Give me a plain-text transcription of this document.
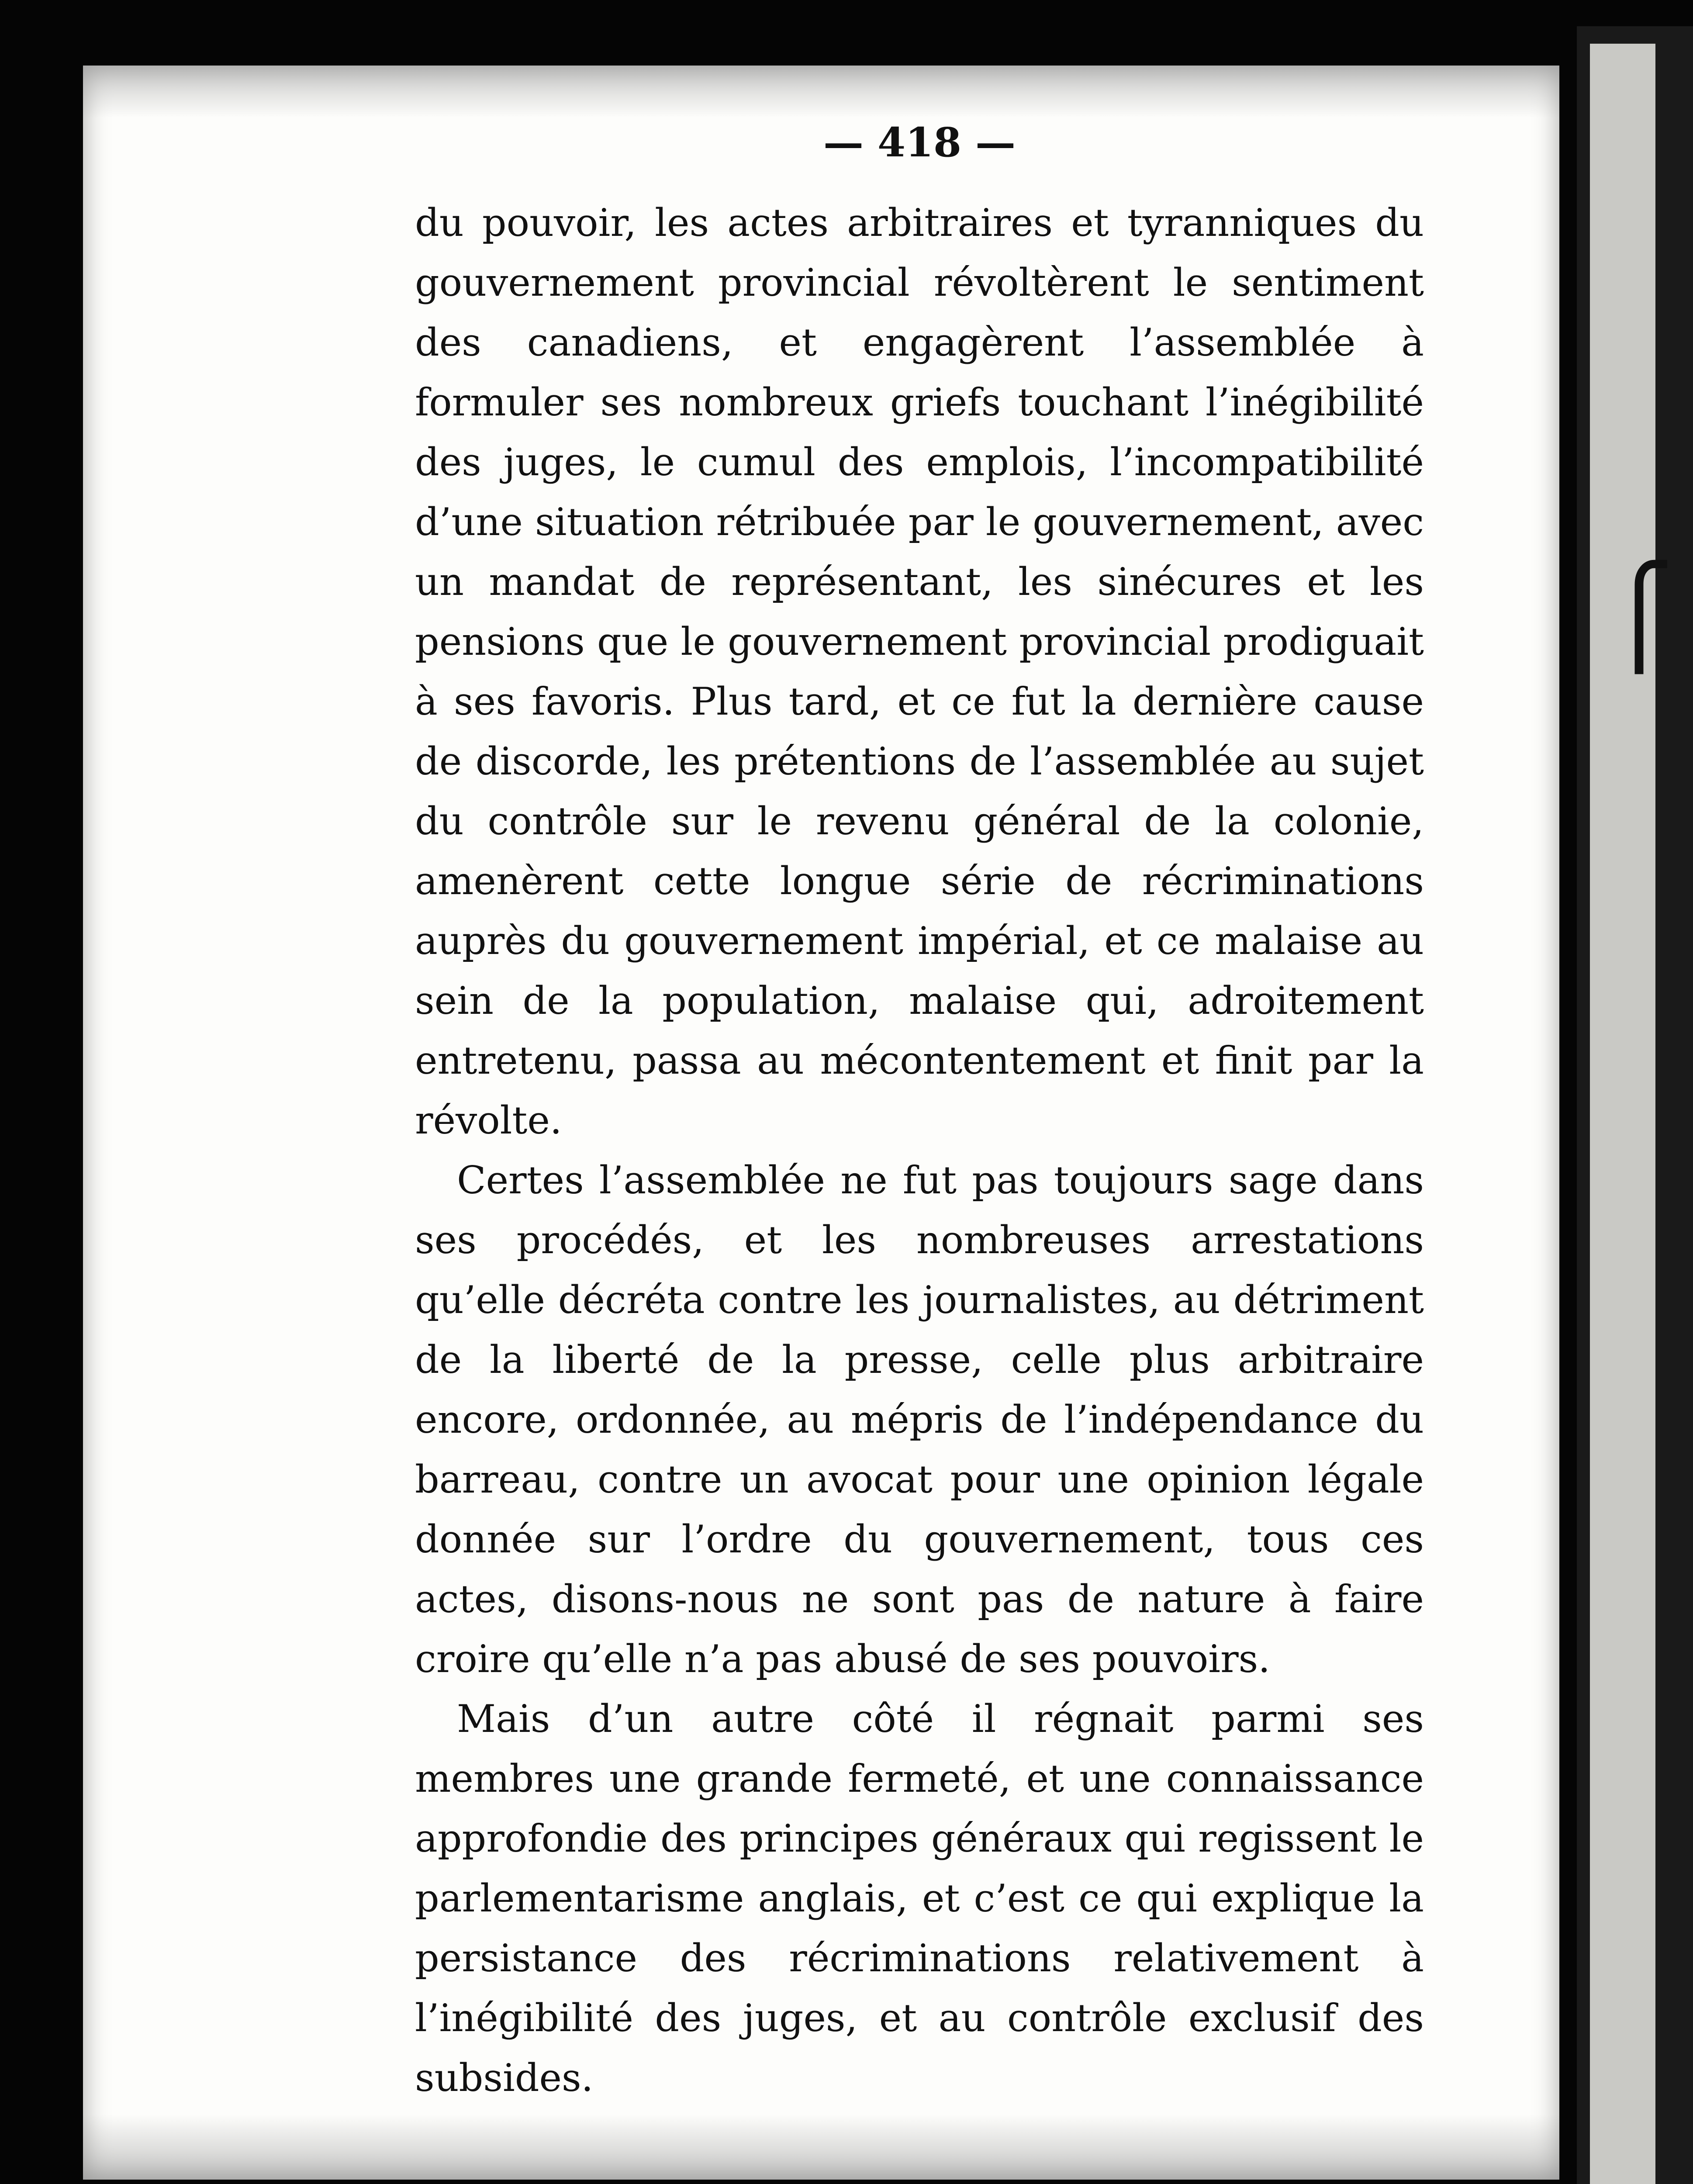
⎧
— 418 —

du pouvoir, les actes arbitraires et tyranniques du gouvernement provincial révoltèrent le sentiment des canadiens, et engagèrent l’assemblée à formuler ses nombreux griefs touchant l’inégibilité des juges, le cumul des emplois, l’incompatibilité d’une situation rétribuée par le gouvernement, avec un mandat de représentant, les sinécures et les pensions que le gouvernement provincial prodiguait à ses favoris. Plus tard, et ce fut la dernière cause de discorde, les prétentions de l’assemblée au sujet du contrôle sur le revenu général de la colonie, amenèrent cette longue série de récriminations auprès du gouvernement impérial, et ce malaise au sein de la population, malaise qui, adroitement entretenu, passa au mécontentement et finit par la révolte.

Certes l’assemblée ne fut pas toujours sage dans ses procédés, et les nombreuses arrestations qu’elle décréta contre les journalistes, au détriment de la liberté de la presse, celle plus arbitraire encore, ordonnée, au mépris de l’indépendance du barreau, contre un avocat pour une opinion légale donnée sur l’ordre du gouvernement, tous ces actes, disons-nous ne sont pas de nature à faire croire qu’elle n’a pas abusé de ses pouvoirs.

Mais d’un autre côté il régnait parmi ses membres une grande fermeté, et une connaissance approfondie des principes généraux qui regissent le parlementarisme anglais, et c’est ce qui explique la persistance des récriminations relativement à l’inégibilité des juges, et au contrôle exclusif des subsides.
